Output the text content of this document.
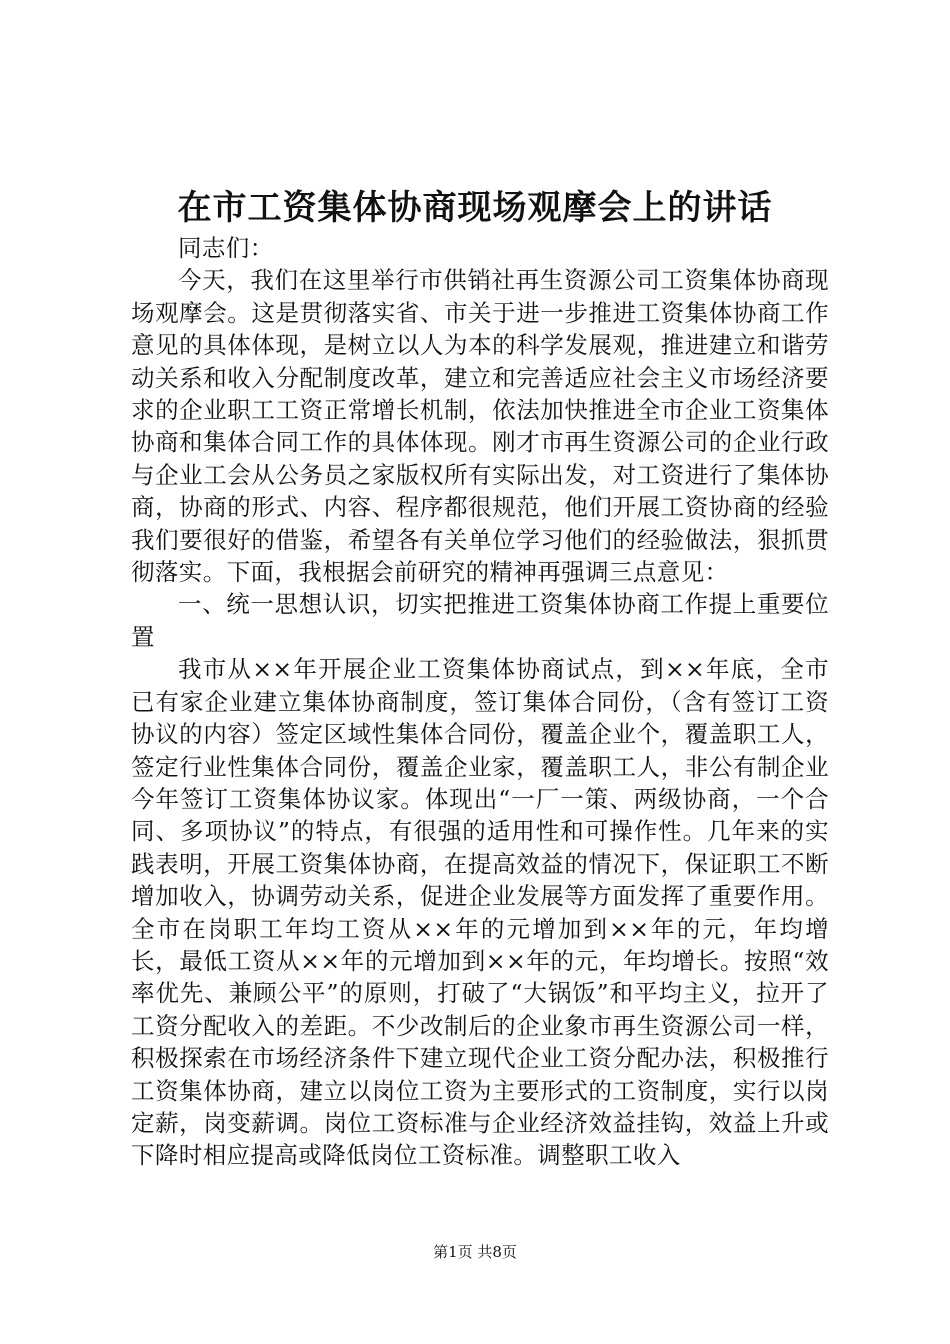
在市工资集体协商现场观摩会上的讲话

同志们：

今天，我们在这里举行市供销社再生资源公司工资集体协商现场观摩会。这是贯彻落实省、市关于进一步推进工资集体协商工作意见的具体体现，是树立以人为本的科学发展观，推进建立和谐劳动关系和收入分配制度改革，建立和完善适应社会主义市场经济要求的企业职工工资正常增长机制，依法加快推进全市企业工资集体协商和集体合同工作的具体体现。刚才市再生资源公司的企业行政与企业工会从公务员之家版权所有实际出发，对工资进行了集体协商，协商的形式、内容、程序都很规范，他们开展工资协商的经验我们要很好的借鉴，希望各有关单位学习他们的经验做法，狠抓贯彻落实。下面，我根据会前研究的精神再强调三点意见：

一、统一思想认识，切实把推进工资集体协商工作提上重要位置

我市从××年开展企业工资集体协商试点，到××年底，全市已有家企业建立集体协商制度，签订集体合同份，（含有签订工资协议的内容）签定区域性集体合同份，覆盖企业个，覆盖职工人，签定行业性集体合同份，覆盖企业家，覆盖职工人，非公有制企业今年签订工资集体协议家。体现出“一厂一策、两级协商，一个合同、多项协议”的特点，有很强的适用性和可操作性。几年来的实践表明，开展工资集体协商，在提高效益的情况下，保证职工不断增加收入，协调劳动关系，促进企业发展等方面发挥了重要作用。全市在岗职工年均工资从××年的元增加到××年的元，年均增长，最低工资从××年的元增加到××年的元，年均增长。按照“效率优先、兼顾公平”的原则，打破了“大锅饭”和平均主义，拉开了工资分配收入的差距。不少改制后的企业象市再生资源公司一样，积极探索在市场经济条件下建立现代企业工资分配办法，积极推行工资集体协商，建立以岗位工资为主要形式的工资制度，实行以岗定薪，岗变薪调。岗位工资标准与企业经济效益挂钩，效益上升或下降时相应提高或降低岗位工资标准。调整职工收入

第1页 共8页
